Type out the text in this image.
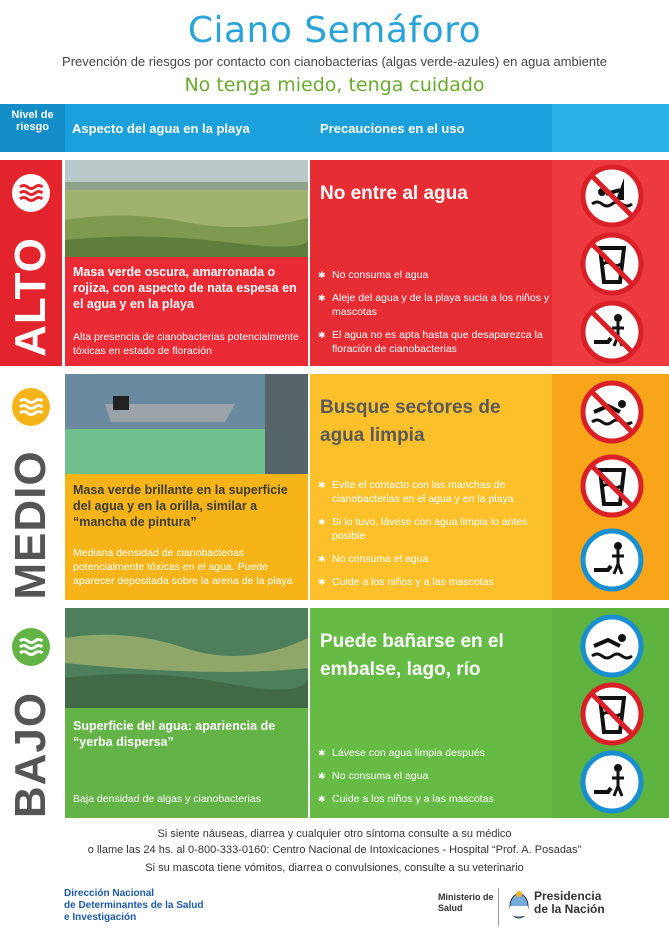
Ciano Semáforo
Prevención de riesgos por contacto con cianobacterias (algas verde-azules) en agua ambiente
No tenga miedo, tenga cuidado
Nivel de riesgo	Aspecto del agua en la playa	Precauciones en el uso
ALTO Masa verde oscura, amarronada o rojiza, con aspecto de nata espesa en el agua y en la playa
Alta presencia de cianobacterias potencialmente tóxicas en estado de floración
No entre al agua
✱ No consuma el agua
✱ Aleje del agua y de la playa sucia a los niños y mascotas
✱ El agua no es apta hasta que desaparezca la floración de cianobacterias
MEDIO Masa verde brillante en la superficie del agua y en la orilla, similar a “mancha de pintura”
Mediana densidad de cianobacterias potencialmente tóxicas en el agua. Puede aparecer depositada sobre la arena de la playa
Busque sectores de agua limpia
✱ Evite el contacto con las manchas de cianobacterias en el agua y en la playa
✱ Si lo tuvo, lávese con agua limpia lo antes posible
✱ No consuma el agua
✱ Cuide a los niños y a las mascotas
BAJO Superficie del agua: apariencia de “yerba dispersa”
Baja densidad de algas y cianobacterias
Puede bañarse en el embalse, lago, río
✱ Lávese con agua limpia después
✱ No consuma el agua
✱ Cuide a los niños y a las mascotas
Si siente náuseas, diarrea y cualquier otro síntoma consulte a su médico
o llame las 24 hs. al 0-800-333-0160: Centro Nacional de Intoxicaciones - Hospital “Prof. A. Posadas”
Si su mascota tiene vómitos, diarrea o convulsiones, consulte a su veterinario
Dirección Nacional
de Determinantes de la Salud
e Investigación
Ministerio de
Salud
Presidencia
de la Nación
